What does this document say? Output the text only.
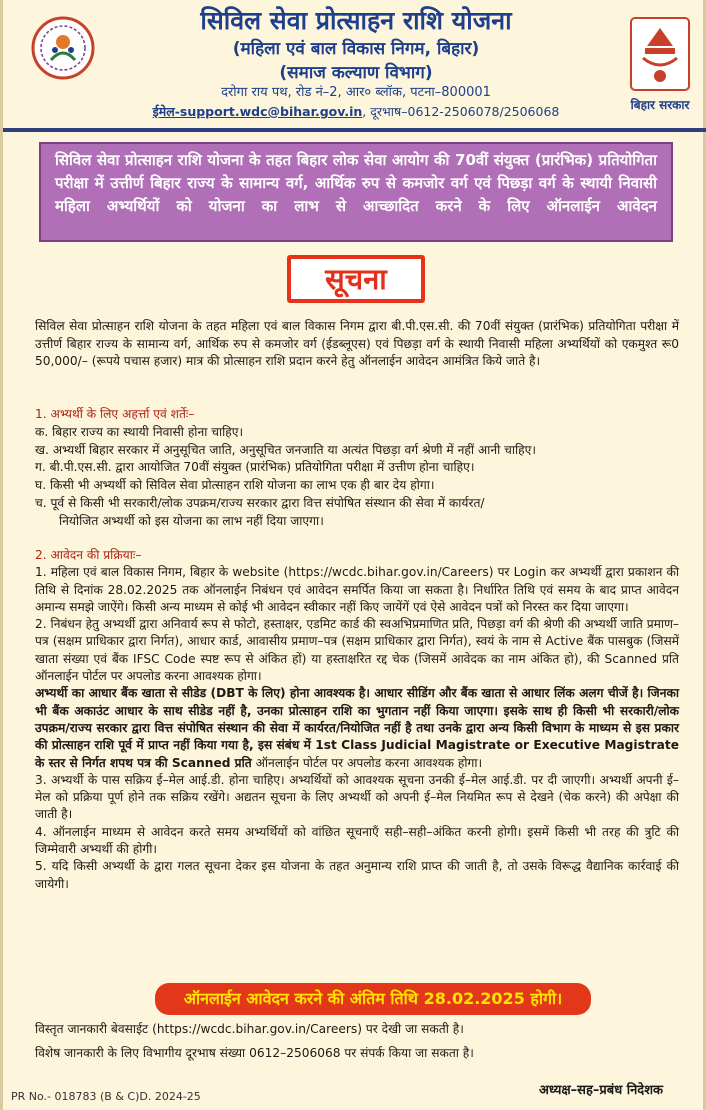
सिविल सेवा प्रोत्साहन राशि योजना
(महिला एवं बाल विकास निगम, बिहार)
(समाज कल्याण विभाग)
दरोगा राय पथ, रोड नं–2, आर० ब्लॉक, पटना–800001
ईमेल-support.wdc@bihar.gov.in, दूरभाष–0612-2506078/2506068	बिहार सरकार
सिविल सेवा प्रोत्साहन राशि योजना के तहत बिहार लोक सेवा आयोग की 70वीं संयुक्त (प्रारंभिक) प्रतियोगिता परीक्षा में उत्तीर्ण बिहार राज्य के सामान्य वर्ग, आर्थिक रुप से कमजोर वर्ग एवं पिछड़ा वर्ग के स्थायी निवासी महिला अभ्यर्थियों को योजना का लाभ से आच्छादित करने के लिए ऑनलाईन आवेदन
सूचना
सिविल सेवा प्रोत्साहन राशि योजना के तहत महिला एवं बाल विकास निगम द्वारा बी.पी.एस.सी. की 70वीं संयुक्त (प्रारंभिक) प्रतियोगिता परीक्षा में उत्तीर्ण बिहार राज्य के सामान्य वर्ग, आर्थिक रुप से कमजोर वर्ग (ईडब्लूएस) एवं पिछड़ा वर्ग के स्थायी निवासी महिला अभ्यर्थियों को एकमुश्त रू0 50,000/– (रूपये पचास हजार) मात्र की प्रोत्साहन राशि प्रदान करने हेतु ऑनलाईन आवेदन आमंत्रित किये जाते है।

1. अभ्यर्थी के लिए अहर्त्ता एवं शर्तेः–

क. बिहार राज्य का स्थायी निवासी होना चाहिए।

ख. अभ्यर्थी बिहार सरकार में अनुसूचित जाति, अनुसूचित जनजाति या अत्यंत पिछड़ा वर्ग श्रेणी में नहीं आनी चाहिए।

ग. बी.पी.एस.सी. द्वारा आयोजित 70वीं संयुक्त (प्रारंभिक) प्रतियोगिता परीक्षा में उत्तीण होना चाहिए।

घ. किसी भी अभ्यर्थी को सिविल सेवा प्रोत्साहन राशि योजना का लाभ एक ही बार देय होगा।

च. पूर्व से किसी भी सरकारी/लोक उपक्रम/राज्य सरकार द्वारा वित्त संपोषित संस्थान की सेवा में कार्यरत/

नियोजित अभ्यर्थी को इस योजना का लाभ नहीं दिया जाएगा।

2. आवेदन की प्रक्रियाः–

1. महिला एवं बाल विकास निगम, बिहार के website (https://wcdc.bihar.gov.in/Careers) पर Login कर अभ्यर्थी द्वारा प्रकाशन की तिथि से दिनांक 28.02.2025 तक ऑनलाईन निबंधन एवं आवेदन समर्पित किया जा सकता है। निर्धारित तिथि एवं समय के बाद प्राप्त आवेदन अमान्य समझे जाऐंगे। किसी अन्य माध्यम से कोई भी आवेदन स्वीकार नहीं किए जायेंगें एवं ऐसे आवेदन पत्रों को निरस्त कर दिया जाएगा।

2. निबंधन हेतु अभ्यर्थी द्वारा अनिवार्य रूप से फोटो, हस्ताक्षर, एडमिट कार्ड की स्वअभिप्रमाणित प्रति, पिछड़ा वर्ग की श्रेणी की अभ्यर्थी जाति प्रमाण–पत्र (सक्षम प्राधिकार द्वारा निर्गत), आधार कार्ड, आवासीय प्रमाण–पत्र (सक्षम प्राधिकार द्वारा निर्गत), स्वयं के नाम से Active बैंक पासबुक (जिसमें खाता संख्या एवं बैंक IFSC Code स्पष्ट रूप से अंकित हों) या हस्ताक्षरित रद्द चेक (जिसमें आवेदक का नाम अंकित हो), की Scanned प्रति ऑनलाईन पोर्टल पर अपलोड करना आवश्यक होगा।

अभ्यर्थी का आधार बैंक खाता से सीडेड (DBT के लिए) होना आवश्यक है। आधार सीडिंग और बैंक खाता से आधार लिंक अलग चीजें है। जिनका भी बैंक अकाउंट आधार के साथ सीडेड नहीं है, उनका प्रोत्साहन राशि का भुगतान नहीं किया जाएगा। इसके साथ ही किसी भी सरकारी/लोक उपक्रम/राज्य सरकार द्वारा वित्त संपोषित संस्थान की सेवा में कार्यरत/नियोजित नहीं है तथा उनके द्वारा अन्य किसी विभाग के माध्यम से इस प्रकार की प्रोत्साहन राशि पूर्व में प्राप्त नहीं किया गया है, इस संबंध में 1st Class Judicial Magistrate or Executive Magistrate के स्तर से निर्गत शपथ पत्र की Scanned प्रति ऑनलाईन पोर्टल पर अपलोड करना आवश्यक होगा।

3. अभ्यर्थी के पास सक्रिय ई–मेल आई.डी. होना चाहिए। अभ्यर्थियों को आवश्यक सूचना उनकी ई–मेल आई.डी. पर दी जाएगी। अभ्यर्थी अपनी ई–मेल को प्रक्रिया पूर्ण होने तक सक्रिय रखेंगे। अद्यतन सूचना के लिए अभ्यर्थी को अपनी ई–मेल नियमित रूप से देखने (चेक करने) की अपेक्षा की जाती है।

4. ऑनलाईन माध्यम से आवेदन करते समय अभ्यर्थियों को वांछित सूचनाएँ सही–सही–अंकित करनी होगी। इसमें किसी भी तरह की त्रुटि की जिम्मेवारी अभ्यर्थी की होगी।

5. यदि किसी अभ्यर्थी के द्वारा गलत सूचना देकर इस योजना के तहत अनुमान्य राशि प्राप्त की जाती है, तो उसके विरूद्ध वैद्यानिक कार्रवाई की जायेगी।

ऑनलाईन आवेदन करने की अंतिम तिथि 28.02.2025 होगी।
विस्तृत जानकारी बेवसाईट (https://wcdc.bihar.gov.in/Careers) पर देखी जा सकती है।
विशेष जानकारी के लिए विभागीय दूरभाष संख्या 0612–2506068 पर संपर्क किया जा सकता है।
PR No.- 018783 (B & C)D. 2024-25	अध्यक्ष–सह–प्रबंध निदेशक
